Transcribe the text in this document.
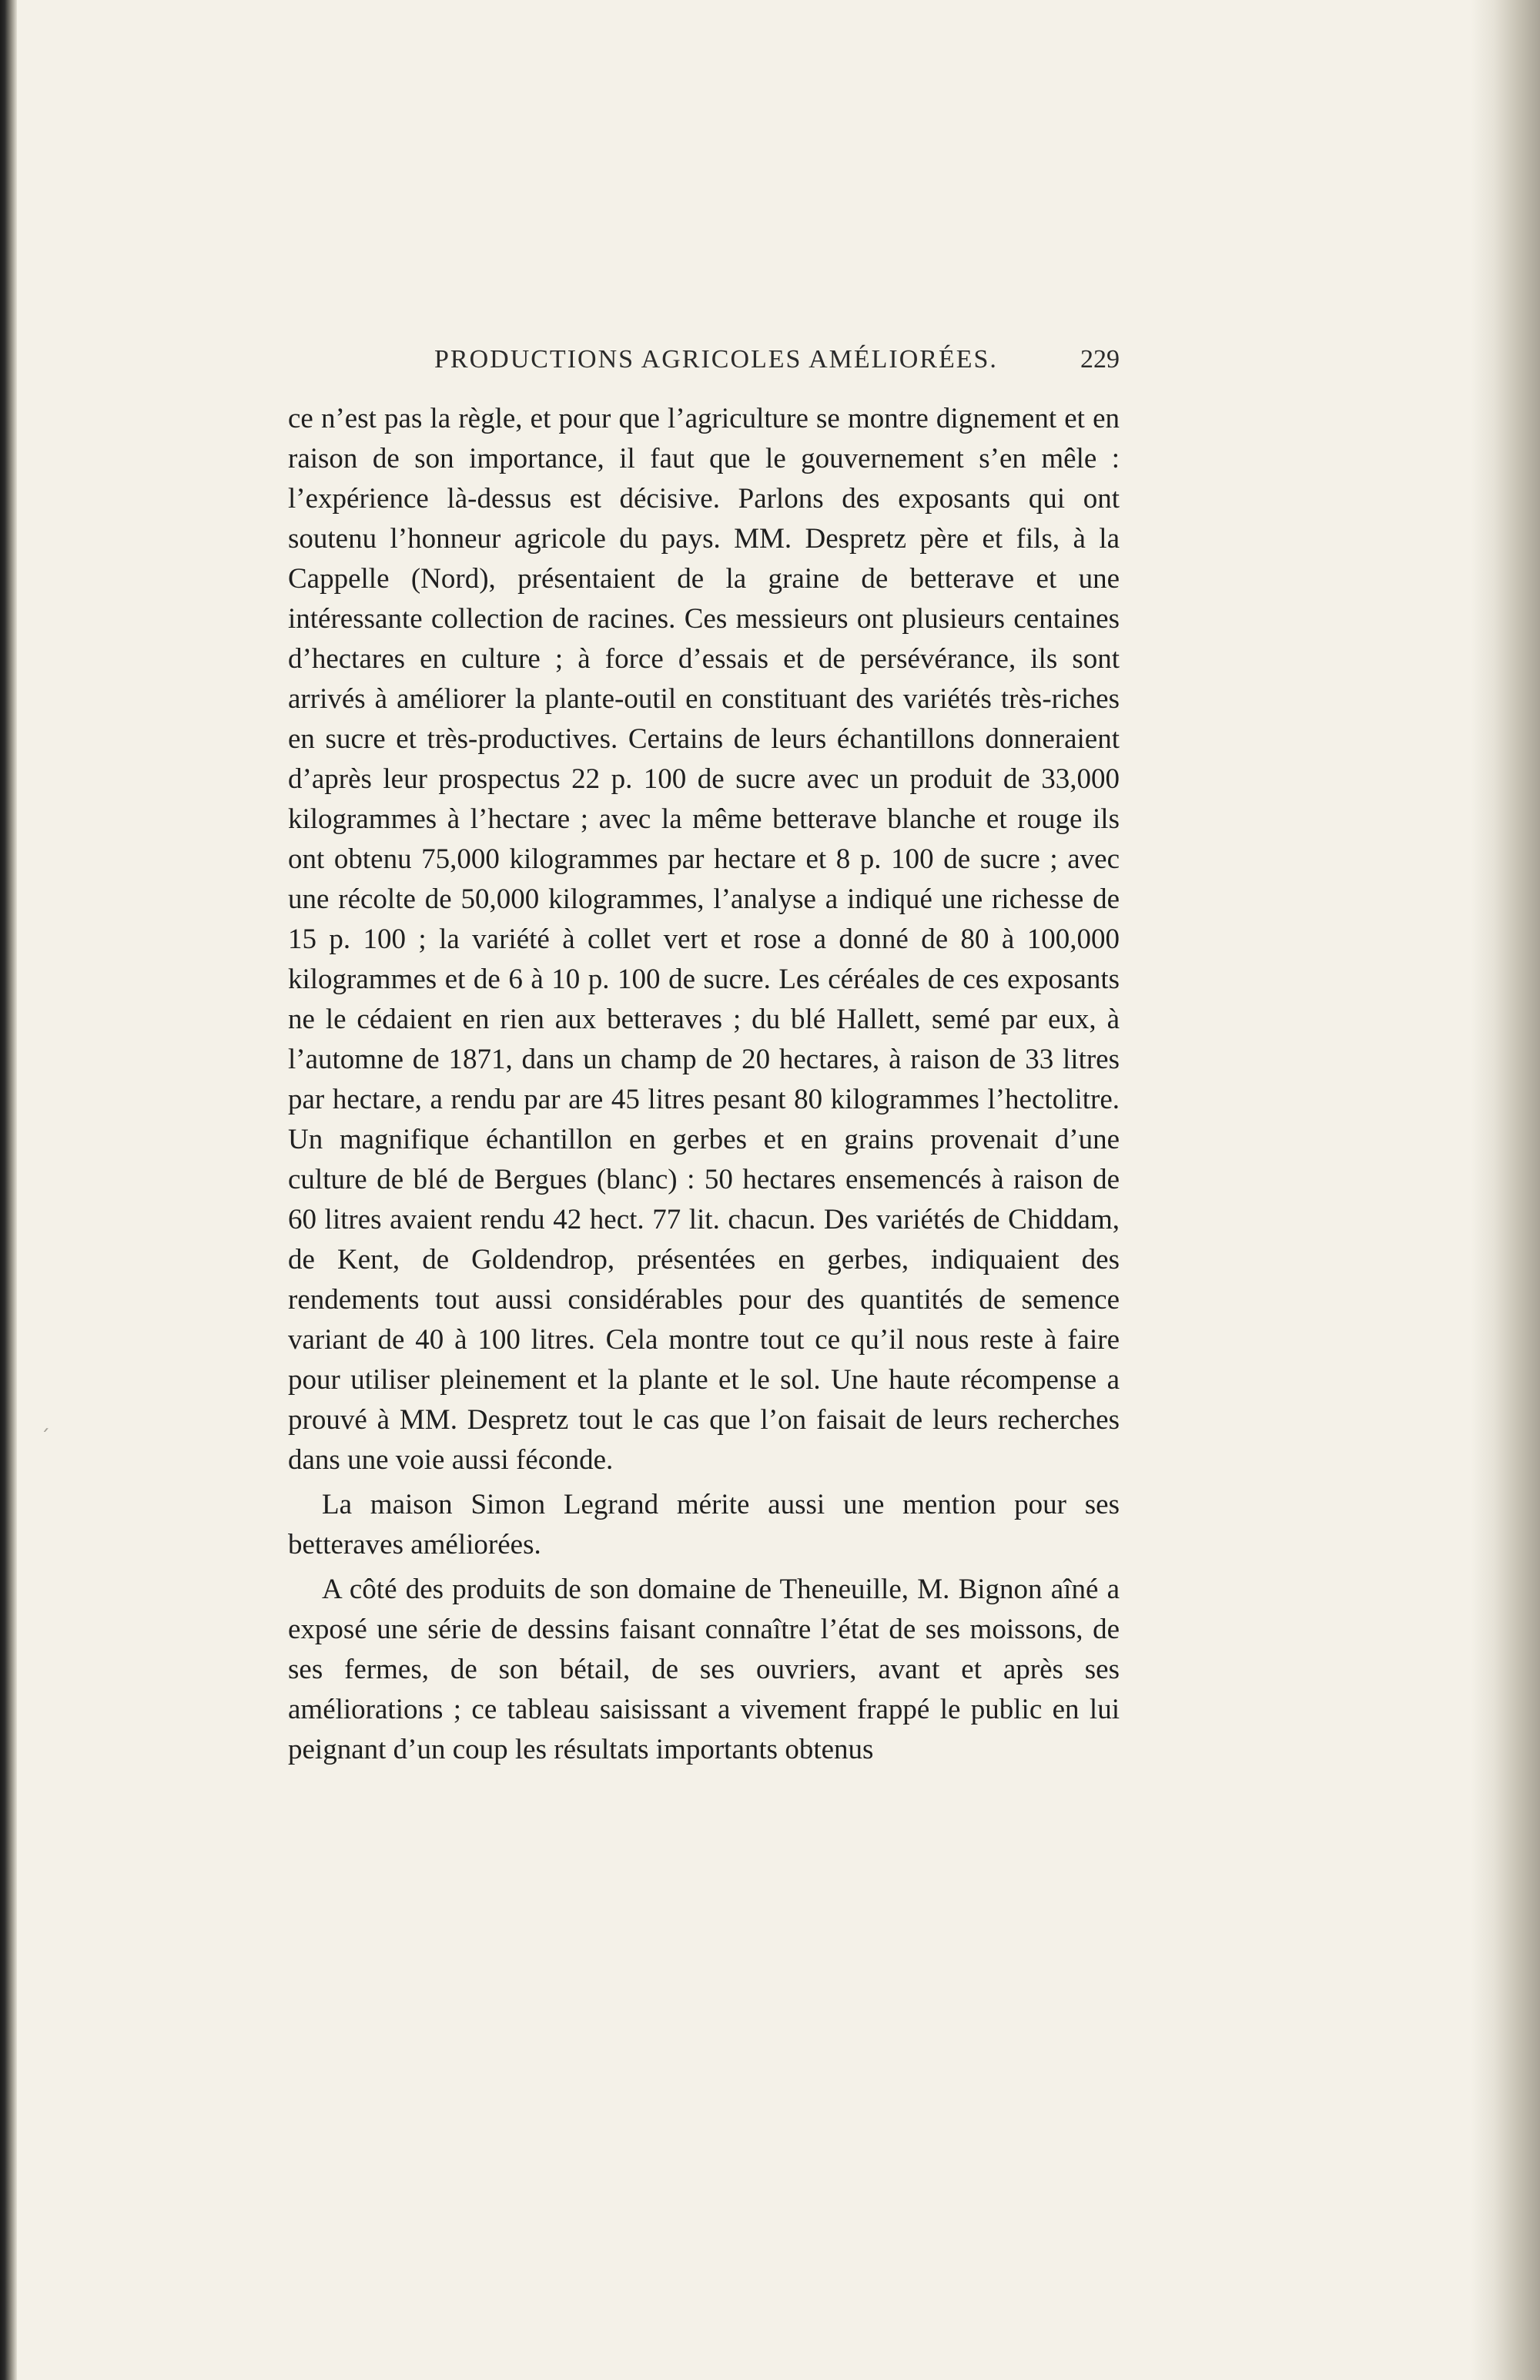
ˏ
PRODUCTIONS AGRICOLES AMÉLIORÉES.	229

ce n’est pas la règle, et pour que l’agriculture se montre dignement et en raison de son importance, il faut que le gouvernement s’en mêle : l’expérience là-dessus est décisive. Parlons des exposants qui ont soutenu l’honneur agricole du pays. MM. Despretz père et fils, à la Cappelle (Nord), présentaient de la graine de betterave et une intéressante collection de racines. Ces messieurs ont plusieurs centaines d’hectares en culture ; à force d’essais et de persévérance, ils sont arrivés à améliorer la plante-outil en constituant des variétés très-riches en sucre et très-productives. Certains de leurs échantillons donneraient d’après leur prospectus 22 p. 100 de sucre avec un produit de 33,000 kilogrammes à l’hectare ; avec la même betterave blanche et rouge ils ont obtenu 75,000 kilogrammes par hectare et 8 p. 100 de sucre ; avec une récolte de 50,000 kilogrammes, l’analyse a indiqué une richesse de 15 p. 100 ; la variété à collet vert et rose a donné de 80 à 100,000 kilogrammes et de 6 à 10 p. 100 de sucre. Les céréales de ces exposants ne le cédaient en rien aux betteraves ; du blé Hallett, semé par eux, à l’automne de 1871, dans un champ de 20 hectares, à raison de 33 litres par hectare, a rendu par are 45 litres pesant 80 kilogrammes l’hectolitre. Un magnifique échantillon en gerbes et en grains provenait d’une culture de blé de Bergues (blanc) : 50 hectares ensemencés à raison de 60 litres avaient rendu 42 hect. 77 lit. chacun. Des variétés de Chiddam, de Kent, de Goldendrop, présentées en gerbes, indiquaient des rendements tout aussi considérables pour des quantités de semence variant de 40 à 100 litres. Cela montre tout ce qu’il nous reste à faire pour utiliser pleinement et la plante et le sol. Une haute récompense a prouvé à MM. Despretz tout le cas que l’on faisait de leurs recherches dans une voie aussi féconde.

La maison Simon Legrand mérite aussi une mention pour ses betteraves améliorées.

A côté des produits de son domaine de Theneuille, M. Bignon aîné a exposé une série de dessins faisant connaître l’état de ses moissons, de ses fermes, de son bétail, de ses ouvriers, avant et après ses améliorations ; ce tableau saisissant a vivement frappé le public en lui peignant d’un coup les résultats importants obtenus
